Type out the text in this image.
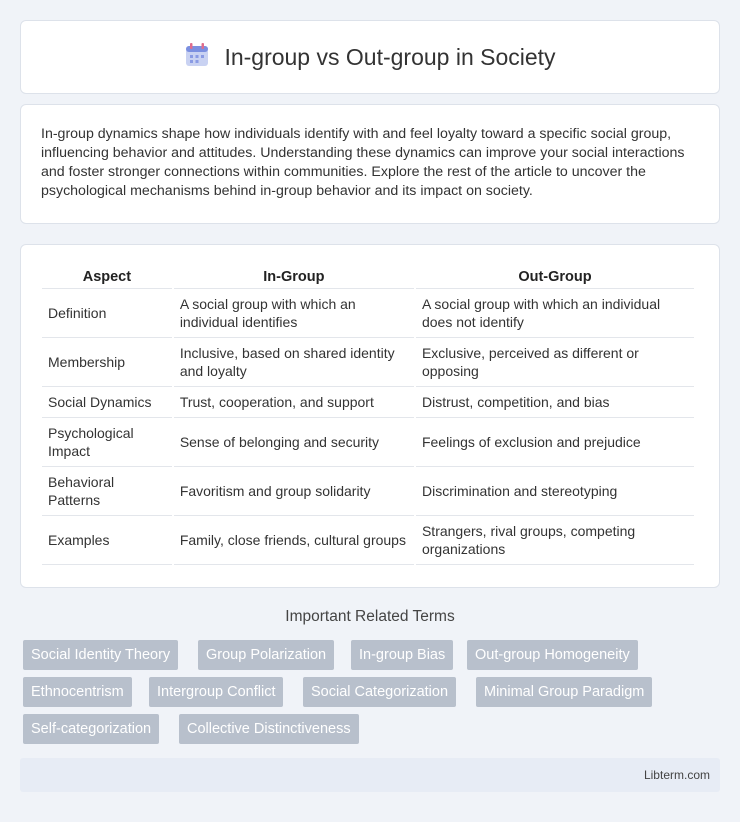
In-group vs Out-group in Society

In-group dynamics shape how individuals identify with and feel loyalty toward a specific social group, influencing behavior and attitudes. Understanding these dynamics can improve your social interactions and foster stronger connections within communities. Explore the rest of the article to uncover the psychological mechanisms behind in-group behavior and its impact on society.

Aspect	In-Group	Out-Group
Definition	A social group with which an individual identifies	A social group with which an individual does not identify
Membership	Inclusive, based on shared identity and loyalty	Exclusive, perceived as different or opposing
Social Dynamics	Trust, cooperation, and support	Distrust, competition, and bias
Psychological Impact	Sense of belonging and security	Feelings of exclusion and prejudice
Behavioral Patterns	Favoritism and group solidarity	Discrimination and stereotyping
Examples	Family, close friends, cultural groups	Strangers, rival groups, competing organizations
Important Related Terms
Social Identity Theory	Group Polarization	In-group Bias	Out-group Homogeneity
Ethnocentrism	Intergroup Conflict	Social Categorization	Minimal Group Paradigm
Self-categorization	Collective Distinctiveness
Libterm.com
